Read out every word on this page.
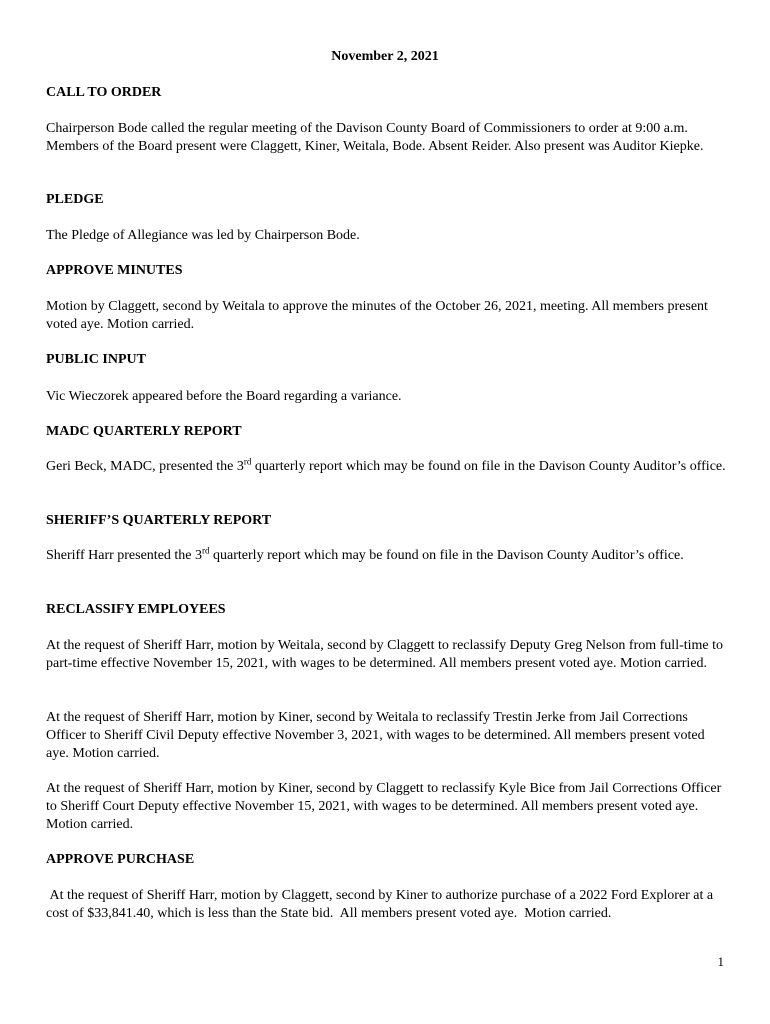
November 2, 2021
CALL TO ORDER
Chairperson Bode called the regular meeting of the Davison County Board of Commissioners to order at 9:00 a.m. Members of the Board present were Claggett, Kiner, Weitala, Bode. Absent Reider. Also present was Auditor Kiepke.
PLEDGE
The Pledge of Allegiance was led by Chairperson Bode.
APPROVE MINUTES
Motion by Claggett, second by Weitala to approve the minutes of the October 26, 2021, meeting. All members present voted aye. Motion carried.
PUBLIC INPUT
Vic Wieczorek appeared before the Board regarding a variance.
MADC QUARTERLY REPORT
Geri Beck, MADC, presented the 3rd quarterly report which may be found on file in the Davison County Auditor’s office.
SHERIFF’S QUARTERLY REPORT
Sheriff Harr presented the 3rd quarterly report which may be found on file in the Davison County Auditor’s office.
RECLASSIFY EMPLOYEES
At the request of Sheriff Harr, motion by Weitala, second by Claggett to reclassify Deputy Greg Nelson from full-time to part-time effective November 15, 2021, with wages to be determined. All members present voted aye. Motion carried.
At the request of Sheriff Harr, motion by Kiner, second by Weitala to reclassify Trestin Jerke from Jail Corrections Officer to Sheriff Civil Deputy effective November 3, 2021, with wages to be determined. All members present voted aye. Motion carried.
At the request of Sheriff Harr, motion by Kiner, second by Claggett to reclassify Kyle Bice from Jail Corrections Officer to Sheriff Court Deputy effective November 15, 2021, with wages to be determined. All members present voted aye. Motion carried.
APPROVE PURCHASE
At the request of Sheriff Harr, motion by Claggett, second by Kiner to authorize purchase of a 2022 Ford Explorer at a cost of $33,841.40, which is less than the State bid.  All members present voted aye.  Motion carried.
1
